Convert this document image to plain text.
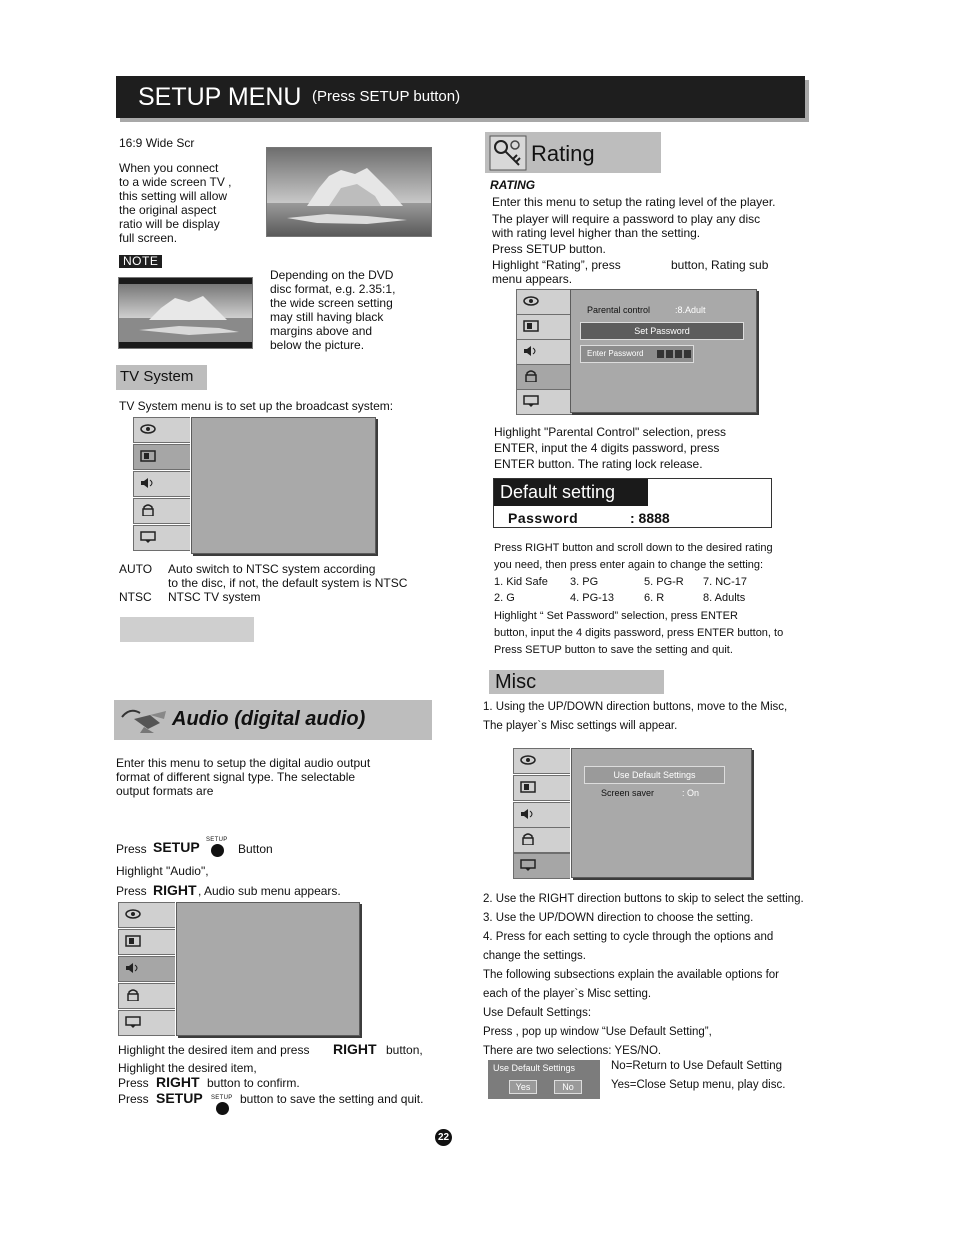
SETUP MENU (Press SETUP button)
16:9 Wide Scr
When you connect
to a wide screen TV ,
this setting will allow
the original aspect
ratio will be display
full screen.
NOTE
Depending on the DVD
disc format, e.g. 2.35:1,
the wide screen setting
may still having black
margins above and
below the picture.
TV System
TV System menu is to set up the broadcast system:
AUTO Auto switch to NTSC system according
to the disc, if not, the default system is NTSC
NTSC NTSC TV system
Audio (digital audio)
Enter this menu to setup the digital audio output
format of different signal type. The selectable
output formats are
Press SETUP SETUP
Button
Highlight "Audio",
Press RIGHT , Audio sub menu appears.
Highlight the desired item and press RIGHT button,
Highlight the desired item,
Press RIGHT button to confirm.
Press SETUP SETUP button to save the setting and quit.
Rating
RATING
Enter this menu to setup the rating level of the player.
The player will require a password to play any disc
with rating level higher than the setting.
Press SETUP button.
Highlight “Rating”, press	button, Rating sub
menu appears.
Parental control	:8.Adult
Set Password
Enter Password
Highlight "Parental Control" selection, press
ENTER, input the 4 digits password, press
ENTER button. The rating lock release.
Default setting
Password	: 8888
Press RIGHT button and scroll down to the desired rating
you need, then press enter again to change the setting:
1. Kid Safe 3. PG	5. PG-R 7. NC-17
2. G	4. PG-13	6. R	8. Adults
Highlight “ Set Password” selection, press ENTER
button, input the 4 digits password, press ENTER button, to
Press SETUP button to save the setting and quit.
Misc
1. Using the UP/DOWN direction buttons, move to the Misc,
The player`s Misc settings will appear.
Use Default Settings
Screen saver	: On
2. Use the RIGHT direction buttons to skip to select the setting.
3. Use the UP/DOWN direction to choose the setting.
4. Press for each setting to cycle through the options and
change the settings.
The following subsections explain the available options for
each of the player`s Misc setting.
Use Default Settings:
Press , pop up window “Use Default Setting”,
There are two selections: YES/NO.
Use Default Settings
Yes	No
No=Return to Use Default Setting
Yes=Close Setup menu, play disc.
22
